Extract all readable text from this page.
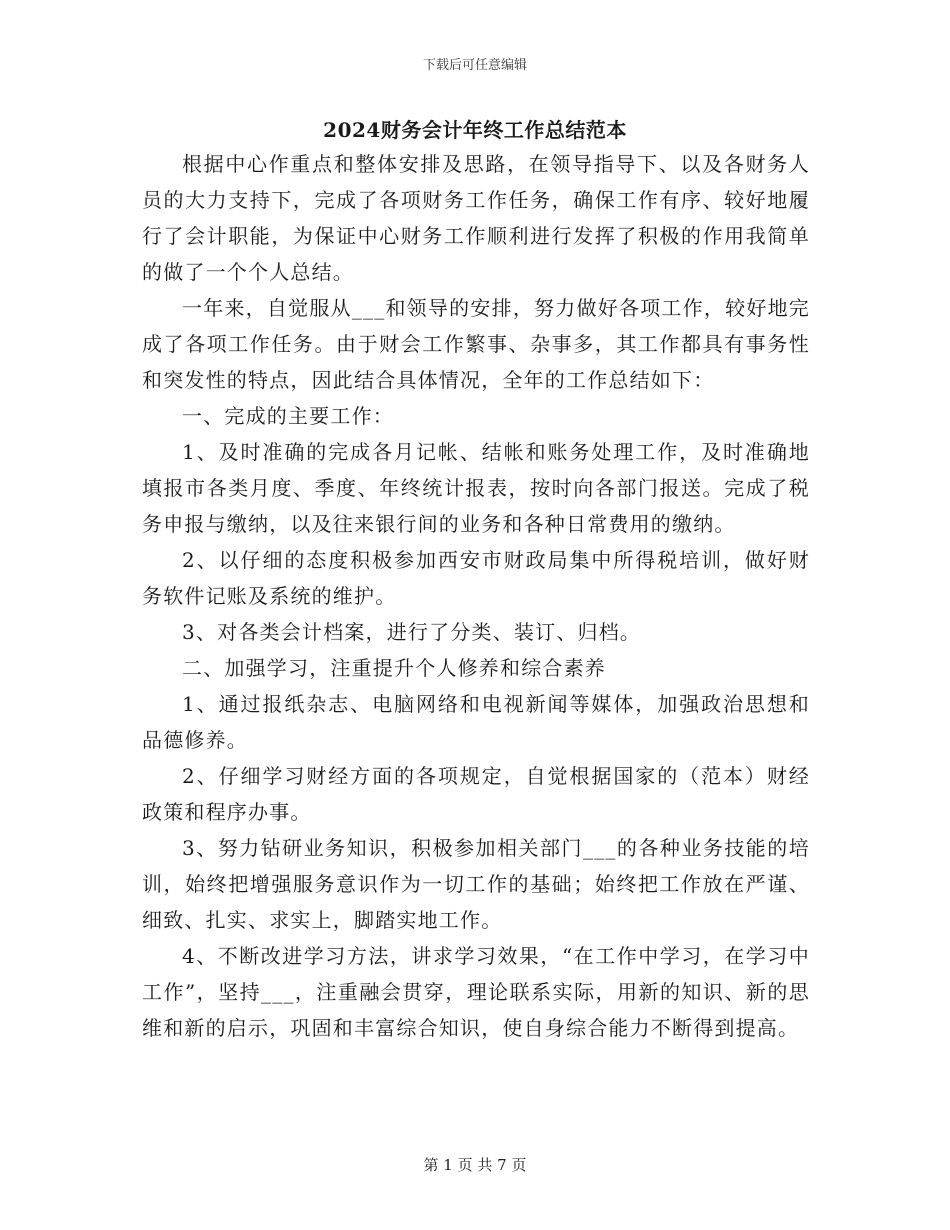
下载后可任意编辑
2024财务会计年终工作总结范本

根据中心作重点和整体安排及思路，在领导指导下、以及各财务人员的大力支持下，完成了各项财务工作任务，确保工作有序、较好地履行了会计职能，为保证中心财务工作顺利进行发挥了积极的作用我简单的做了一个个人总结。

一年来，自觉服从___和领导的安排，努力做好各项工作，较好地完成了各项工作任务。由于财会工作繁事、杂事多，其工作都具有事务性和突发性的特点，因此结合具体情况，全年的工作总结如下：

一、完成的主要工作：

1、及时准确的完成各月记帐、结帐和账务处理工作，及时准确地填报市各类月度、季度、年终统计报表，按时向各部门报送。完成了税务申报与缴纳，以及往来银行间的业务和各种日常费用的缴纳。

2、以仔细的态度积极参加西安市财政局集中所得税培训，做好财务软件记账及系统的维护。

3、对各类会计档案，进行了分类、装订、归档。

二、加强学习，注重提升个人修养和综合素养

1、通过报纸杂志、电脑网络和电视新闻等媒体，加强政治思想和品德修养。

2、仔细学习财经方面的各项规定，自觉根据国家的（范本）财经政策和程序办事。

3、努力钻研业务知识，积极参加相关部门___的各种业务技能的培训，始终把增强服务意识作为一切工作的基础；始终把工作放在严谨、细致、扎实、求实上，脚踏实地工作。

4、不断改进学习方法，讲求学习效果，“在工作中学习，在学习中工作”，坚持___，注重融会贯穿，理论联系实际，用新的知识、新的思维和新的启示，巩固和丰富综合知识，使自身综合能力不断得到提高。

第 1 页 共 7 页
